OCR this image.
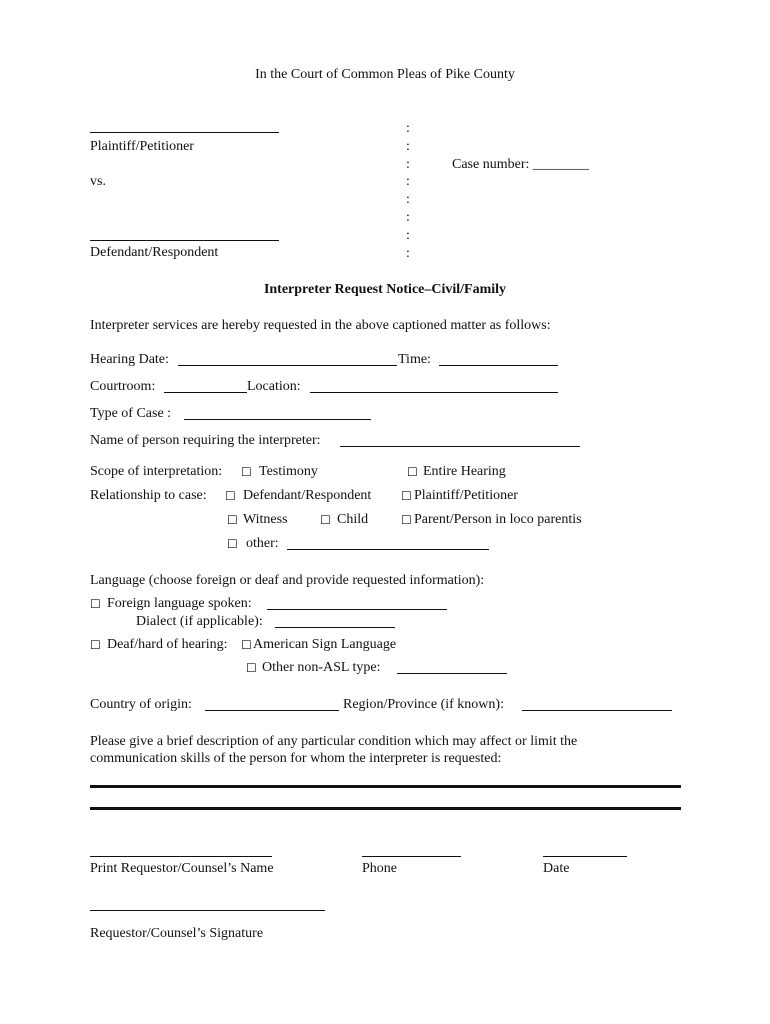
In the Court of Common Pleas of Pike County
Plaintiff/Petitioner
vs.
Defendant/Respondent
:
:
:
:
:
:
:
:
Case number: ________
Interpreter Request Notice–Civil/Family
Interpreter services are hereby requested in the above captioned matter as follows:
Hearing Date:	Time:
Courtroom:	Location:
Type of Case :
Name of person requiring the interpreter:
Scope of interpretation: ☐ Testimony	☐ Entire Hearing
Relationship to case: ☐ Defendant/Respondent ☐ Plaintiff/Petitioner
☐ Witness	☐ Child	☐ Parent/Person in loco parentis
☐ other:
Language (choose foreign or deaf and provide requested information):
☐ Foreign language spoken:
Dialect (if applicable):
☐ Deaf/hard of hearing: ☐ American Sign Language
☐ Other non-ASL type:
Country of origin:	Region/Province (if known):
Please give a brief description of any particular condition which may affect or limit the
communication skills of the person for whom the interpreter is requested:
Print Requestor/Counsel’s Name	Phone	Date
Requestor/Counsel’s Signature
